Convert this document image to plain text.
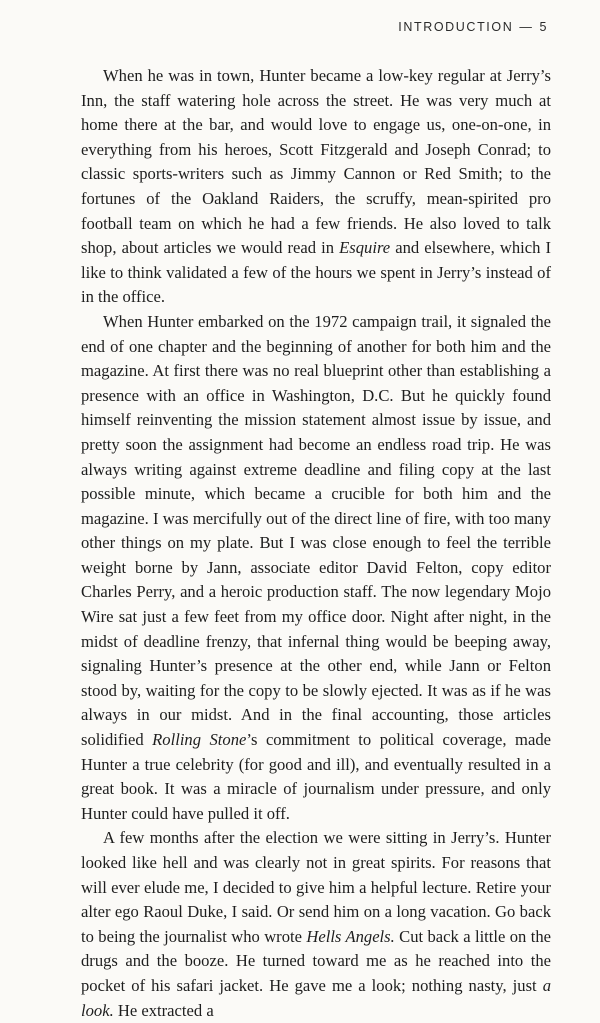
INTRODUCTION — 5

When he was in town, Hunter became a low-key regular at Jerry’s Inn, the staff watering hole across the street. He was very much at home there at the bar, and would love to engage us, one-on-one, in everything from his heroes, Scott Fitzgerald and Joseph Conrad; to classic sports-writers such as Jimmy Cannon or Red Smith; to the fortunes of the Oakland Raiders, the scruffy, mean-spirited pro football team on which he had a few friends. He also loved to talk shop, about articles we would read in Esquire and elsewhere, which I like to think validated a few of the hours we spent in Jerry’s instead of in the office.

When Hunter embarked on the 1972 campaign trail, it signaled the end of one chapter and the beginning of another for both him and the magazine. At first there was no real blueprint other than establishing a presence with an office in Washington, D.C. But he quickly found himself reinventing the mission statement almost issue by issue, and pretty soon the assignment had become an endless road trip. He was always writing against extreme deadline and filing copy at the last possible minute, which became a crucible for both him and the magazine. I was mercifully out of the direct line of fire, with too many other things on my plate. But I was close enough to feel the terrible weight borne by Jann, associate editor David Felton, copy editor Charles Perry, and a heroic production staff. The now legendary Mojo Wire sat just a few feet from my office door. Night after night, in the midst of deadline frenzy, that infernal thing would be beeping away, signaling Hunter’s presence at the other end, while Jann or Felton stood by, waiting for the copy to be slowly ejected. It was as if he was always in our midst. And in the final accounting, those articles solidified Rolling Stone’s commitment to political coverage, made Hunter a true celebrity (for good and ill), and eventually resulted in a great book. It was a miracle of journalism under pressure, and only Hunter could have pulled it off.

A few months after the election we were sitting in Jerry’s. Hunter looked like hell and was clearly not in great spirits. For reasons that will ever elude me, I decided to give him a helpful lecture. Retire your alter ego Raoul Duke, I said. Or send him on a long vacation. Go back to being the journalist who wrote Hells Angels. Cut back a little on the drugs and the booze. He turned toward me as he reached into the pocket of his safari jacket. He gave me a look; nothing nasty, just a look. He extracted a
